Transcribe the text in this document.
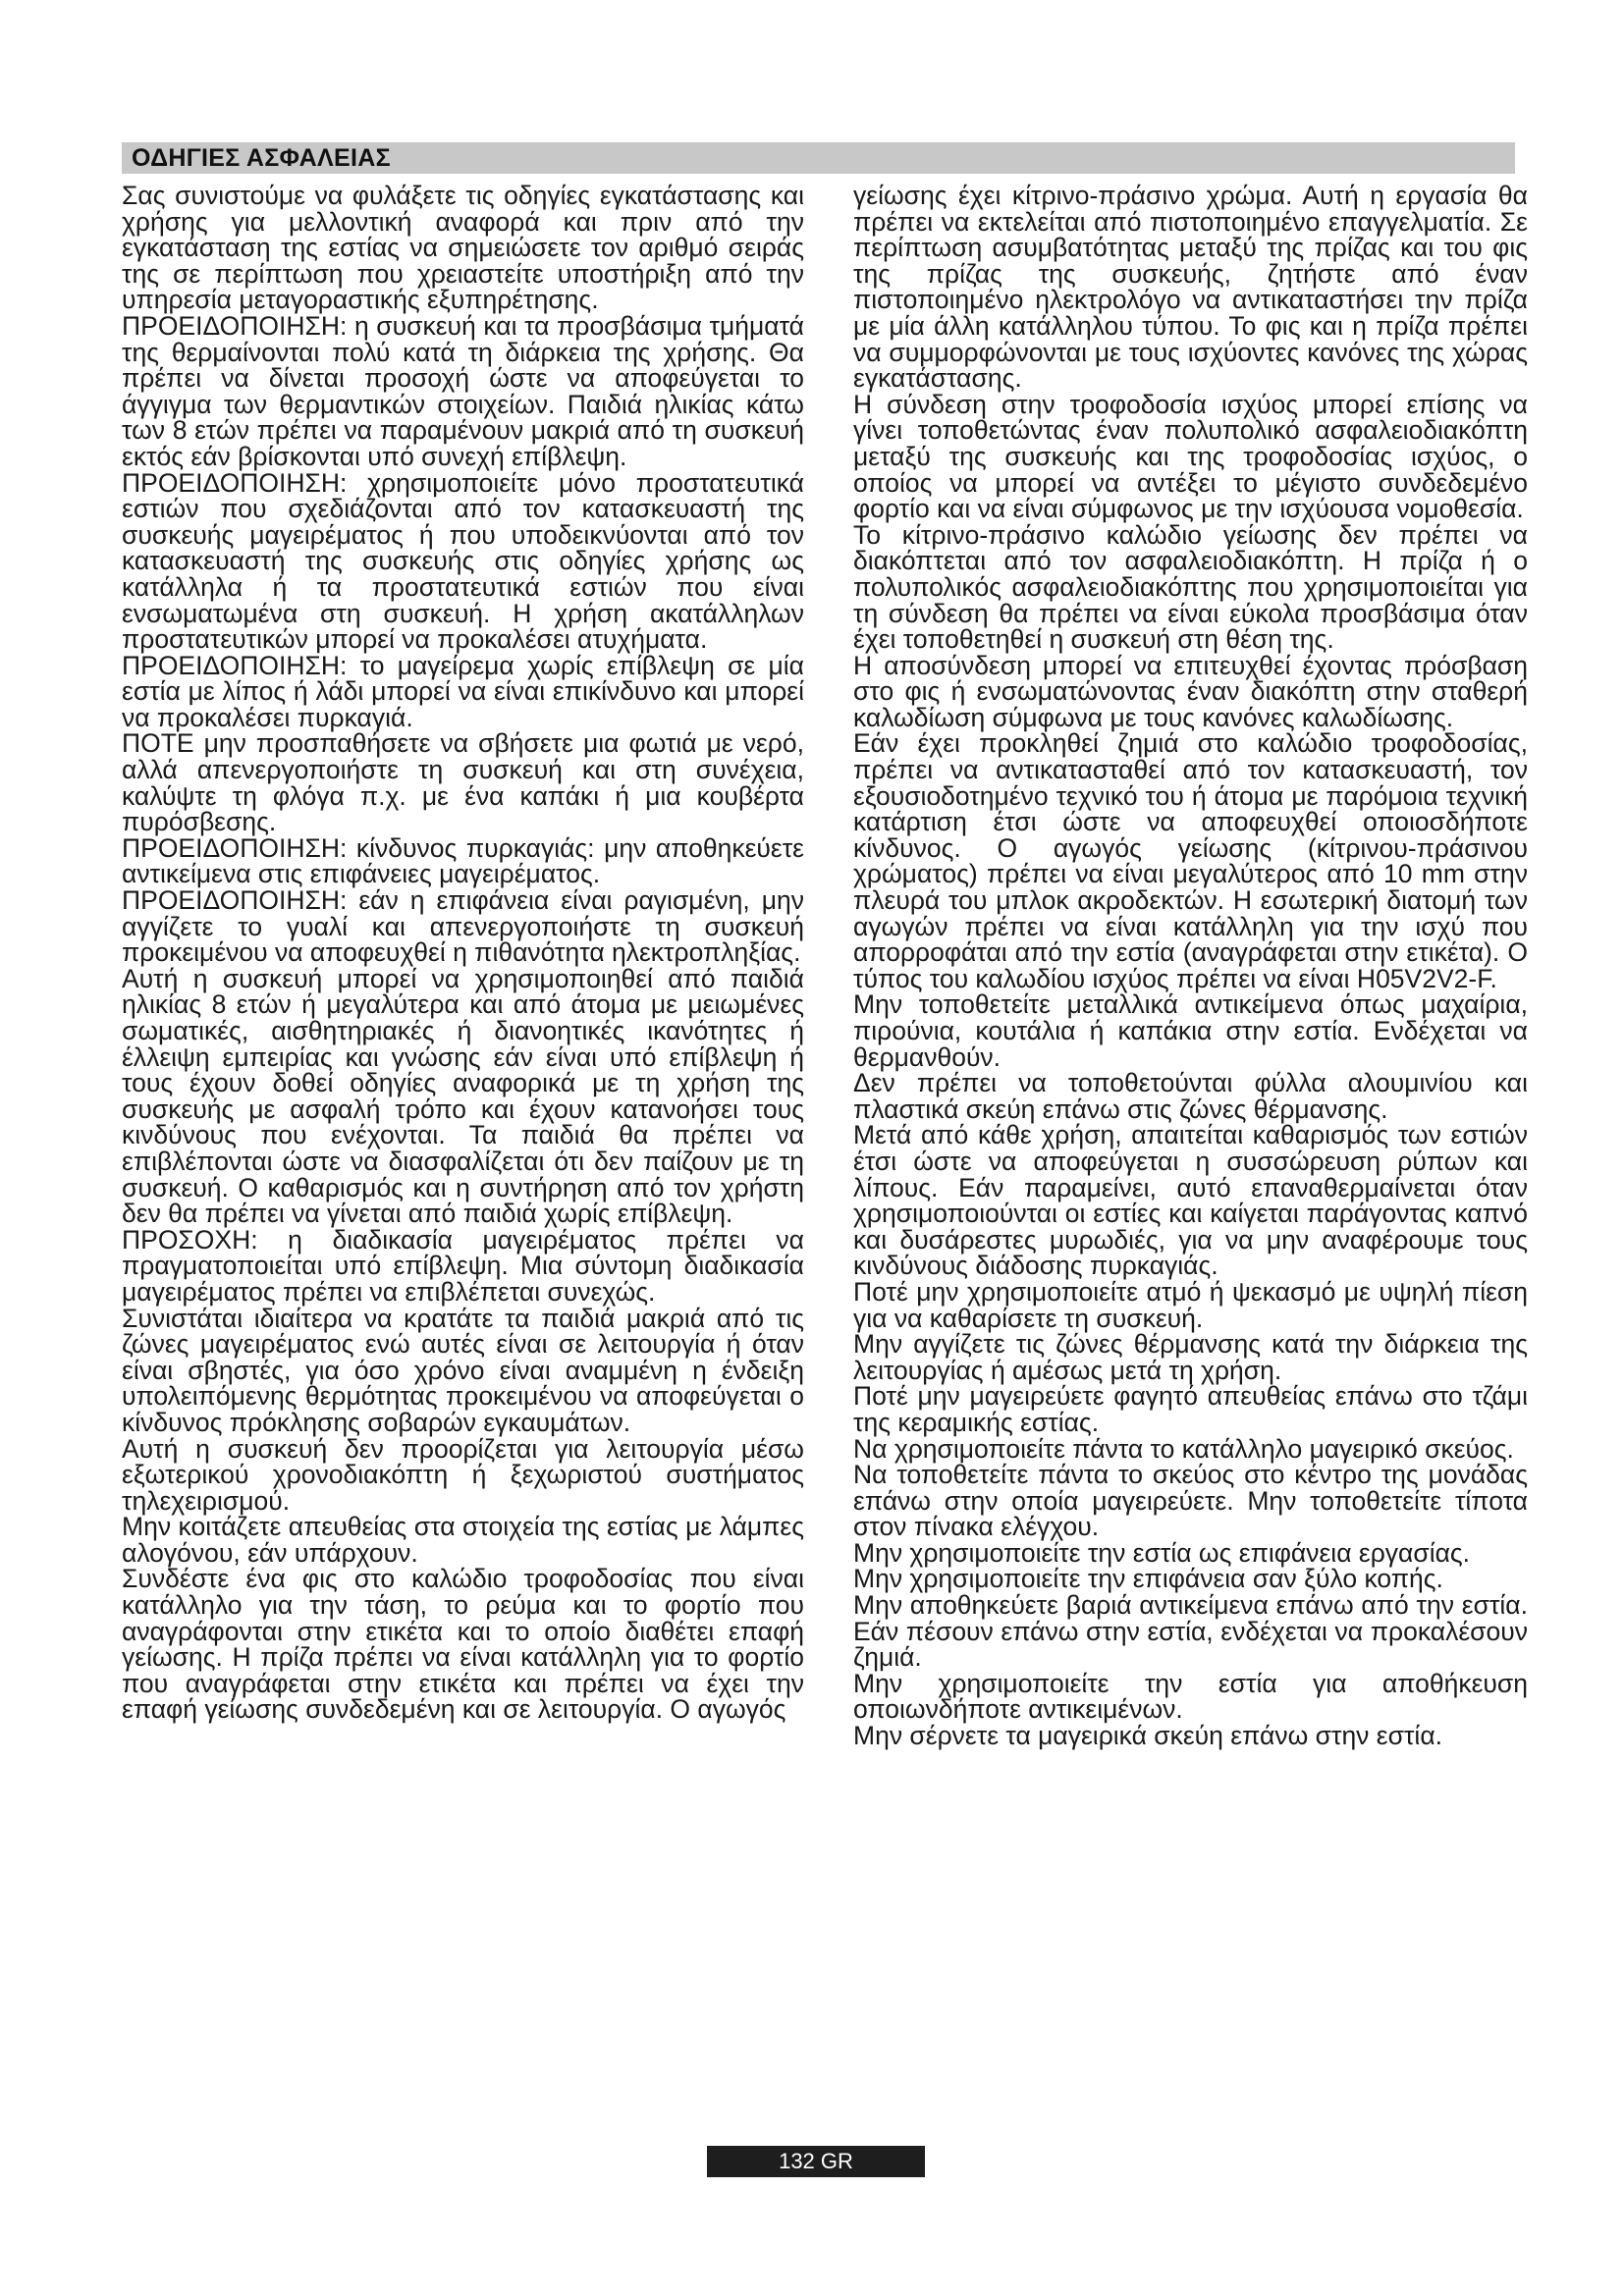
ΟΔΗΓΙΕΣ ΑΣΦΑΛΕΙΑΣ

Σας συνιστούμε να φυλάξετε τις οδηγίες εγκατάστασης και χρήσης για μελλοντική αναφορά και πριν από την εγκατάσταση της εστίας να σημειώσετε τον αριθμό σειράς της σε περίπτωση που χρειαστείτε υποστήριξη από την υπηρεσία μεταγοραστικής εξυπηρέτησης.

ΠΡΟΕΙΔΟΠΟΙΗΣΗ: η συσκευή και τα προσβάσιμα τμήματά της θερμαίνονται πολύ κατά τη διάρκεια της χρήσης. Θα πρέπει να δίνεται προσοχή ώστε να αποφεύγεται το άγγιγμα των θερμαντικών στοιχείων. Παιδιά ηλικίας κάτω των 8 ετών πρέπει να παραμένουν μακριά από τη συσκευή εκτός εάν βρίσκονται υπό συνεχή επίβλεψη.

ΠΡΟΕΙΔΟΠΟΙΗΣΗ: χρησιμοποιείτε μόνο προστατευτικά εστιών που σχεδιάζονται από τον κατασκευαστή της συσκευής μαγειρέματος ή που υποδεικνύονται από τον κατασκευαστή της συσκευής στις οδηγίες χρήσης ως κατάλληλα ή τα προστατευτικά εστιών που είναι ενσωματωμένα στη συσκευή. Η χρήση ακατάλληλων προστατευτικών μπορεί να προκαλέσει ατυχήματα.

ΠΡΟΕΙΔΟΠΟΙΗΣΗ: το μαγείρεμα χωρίς επίβλεψη σε μία εστία με λίπος ή λάδι μπορεί να είναι επικίνδυνο και μπορεί να προκαλέσει πυρκαγιά.

ΠΟΤΕ μην προσπαθήσετε να σβήσετε μια φωτιά με νερό, αλλά απενεργοποιήστε τη συσκευή και στη συνέχεια, καλύψτε τη φλόγα π.χ. με ένα καπάκι ή μια κουβέρτα πυρόσβεσης.

ΠΡΟΕΙΔΟΠΟΙΗΣΗ: κίνδυνος πυρκαγιάς: μην αποθηκεύετε αντικείμενα στις επιφάνειες μαγειρέματος.

ΠΡΟΕΙΔΟΠΟΙΗΣΗ: εάν η επιφάνεια είναι ραγισμένη, μην αγγίζετε το γυαλί και απενεργοποιήστε τη συσκευή προκειμένου να αποφευχθεί η πιθανότητα ηλεκτροπληξίας.

Αυτή η συσκευή μπορεί να χρησιμοποιηθεί από παιδιά ηλικίας 8 ετών ή μεγαλύτερα και από άτομα με μειωμένες σωματικές, αισθητηριακές ή διανοητικές ικανότητες ή έλλειψη εμπειρίας και γνώσης εάν είναι υπό επίβλεψη ή τους έχουν δοθεί οδηγίες αναφορικά με τη χρήση της συσκευής με ασφαλή τρόπο και έχουν κατανοήσει τους κινδύνους που ενέχονται. Τα παιδιά θα πρέπει να επιβλέπονται ώστε να διασφαλίζεται ότι δεν παίζουν με τη συσκευή. Ο καθαρισμός και η συντήρηση από τον χρήστη δεν θα πρέπει να γίνεται από παιδιά χωρίς επίβλεψη.

ΠΡΟΣΟΧΗ: η διαδικασία μαγειρέματος πρέπει να πραγματοποιείται υπό επίβλεψη. Μια σύντομη διαδικασία μαγειρέματος πρέπει να επιβλέπεται συνεχώς.

Συνιστάται ιδιαίτερα να κρατάτε τα παιδιά μακριά από τις ζώνες μαγειρέματος ενώ αυτές είναι σε λειτουργία ή όταν είναι σβηστές, για όσο χρόνο είναι αναμμένη η ένδειξη υπολειπόμενης θερμότητας προκειμένου να αποφεύγεται ο κίνδυνος πρόκλησης σοβαρών εγκαυμάτων.

Αυτή η συσκευή δεν προορίζεται για λειτουργία μέσω εξωτερικού χρονοδιακόπτη ή ξεχωριστού συστήματος τηλεχειρισμού.

Μην κοιτάζετε απευθείας στα στοιχεία της εστίας με λάμπες αλογόνου, εάν υπάρχουν.

Συνδέστε ένα φις στο καλώδιο τροφοδοσίας που είναι κατάλληλο για την τάση, το ρεύμα και το φορτίο που αναγράφονται στην ετικέτα και το οποίο διαθέτει επαφή γείωσης. Η πρίζα πρέπει να είναι κατάλληλη για το φορτίο που αναγράφεται στην ετικέτα και πρέπει να έχει την επαφή γείωσης συνδεδεμένη και σε λειτουργία. Ο αγωγός

γείωσης έχει κίτρινο-πράσινο χρώμα. Αυτή η εργασία θα πρέπει να εκτελείται από πιστοποιημένο επαγγελματία. Σε περίπτωση ασυμβατότητας μεταξύ της πρίζας και του φις της πρίζας της συσκευής, ζητήστε από έναν πιστοποιημένο ηλεκτρολόγο να αντικαταστήσει την πρίζα με μία άλλη κατάλληλου τύπου. Το φις και η πρίζα πρέπει να συμμορφώνονται με τους ισχύοντες κανόνες της χώρας εγκατάστασης.

Η σύνδεση στην τροφοδοσία ισχύος μπορεί επίσης να γίνει τοποθετώντας έναν πολυπολικό ασφαλειοδιακόπτη μεταξύ της συσκευής και της τροφοδοσίας ισχύος, ο οποίος να μπορεί να αντέξει το μέγιστο συνδεδεμένο φορτίο και να είναι σύμφωνος με την ισχύουσα νομοθεσία.

Το κίτρινο-πράσινο καλώδιο γείωσης δεν πρέπει να διακόπτεται από τον ασφαλειοδιακόπτη. Η πρίζα ή ο πολυπολικός ασφαλειοδιακόπτης που χρησιμοποιείται για τη σύνδεση θα πρέπει να είναι εύκολα προσβάσιμα όταν έχει τοποθετηθεί η συσκευή στη θέση της.

Η αποσύνδεση μπορεί να επιτευχθεί έχοντας πρόσβαση στο φις ή ενσωματώνοντας έναν διακόπτη στην σταθερή καλωδίωση σύμφωνα με τους κανόνες καλωδίωσης.

Εάν έχει προκληθεί ζημιά στο καλώδιο τροφοδοσίας, πρέπει να αντικατασταθεί από τον κατασκευαστή, τον εξουσιοδοτημένο τεχνικό του ή άτομα με παρόμοια τεχνική κατάρτιση έτσι ώστε να αποφευχθεί οποιοσδήποτε κίνδυνος. Ο αγωγός γείωσης (κίτρινου-πράσινου χρώματος) πρέπει να είναι μεγαλύτερος από 10 mm στην πλευρά του μπλοκ ακροδεκτών. Η εσωτερική διατομή των αγωγών πρέπει να είναι κατάλληλη για την ισχύ που απορροφάται από την εστία (αναγράφεται στην ετικέτα). Ο τύπος του καλωδίου ισχύος πρέπει να είναι H05V2V2-F.

Μην τοποθετείτε μεταλλικά αντικείμενα όπως μαχαίρια, πιρούνια, κουτάλια ή καπάκια στην εστία. Ενδέχεται να θερμανθούν.

Δεν πρέπει να τοποθετούνται φύλλα αλουμινίου και πλαστικά σκεύη επάνω στις ζώνες θέρμανσης.

Μετά από κάθε χρήση, απαιτείται καθαρισμός των εστιών έτσι ώστε να αποφεύγεται η συσσώρευση ρύπων και λίπους. Εάν παραμείνει, αυτό επαναθερμαίνεται όταν χρησιμοποιούνται οι εστίες και καίγεται παράγοντας καπνό και δυσάρεστες μυρωδιές, για να μην αναφέρουμε τους κινδύνους διάδοσης πυρκαγιάς.

Ποτέ μην χρησιμοποιείτε ατμό ή ψεκασμό με υψηλή πίεση για να καθαρίσετε τη συσκευή.

Μην αγγίζετε τις ζώνες θέρμανσης κατά την διάρκεια της λειτουργίας ή αμέσως μετά τη χρήση.

Ποτέ μην μαγειρεύετε φαγητό απευθείας επάνω στο τζάμι της κεραμικής εστίας.

Να χρησιμοποιείτε πάντα το κατάλληλο μαγειρικό σκεύος.

Να τοποθετείτε πάντα το σκεύος στο κέντρο της μονάδας επάνω στην οποία μαγειρεύετε. Μην τοποθετείτε τίποτα στον πίνακα ελέγχου.

Μην χρησιμοποιείτε την εστία ως επιφάνεια εργασίας.

Μην χρησιμοποιείτε την επιφάνεια σαν ξύλο κοπής.

Μην αποθηκεύετε βαριά αντικείμενα επάνω από την εστία. Εάν πέσουν επάνω στην εστία, ενδέχεται να προκαλέσουν ζημιά.

Μην χρησιμοποιείτε την εστία για αποθήκευση οποιωνδήποτε αντικειμένων.

Μην σέρνετε τα μαγειρικά σκεύη επάνω στην εστία.

132 GR
